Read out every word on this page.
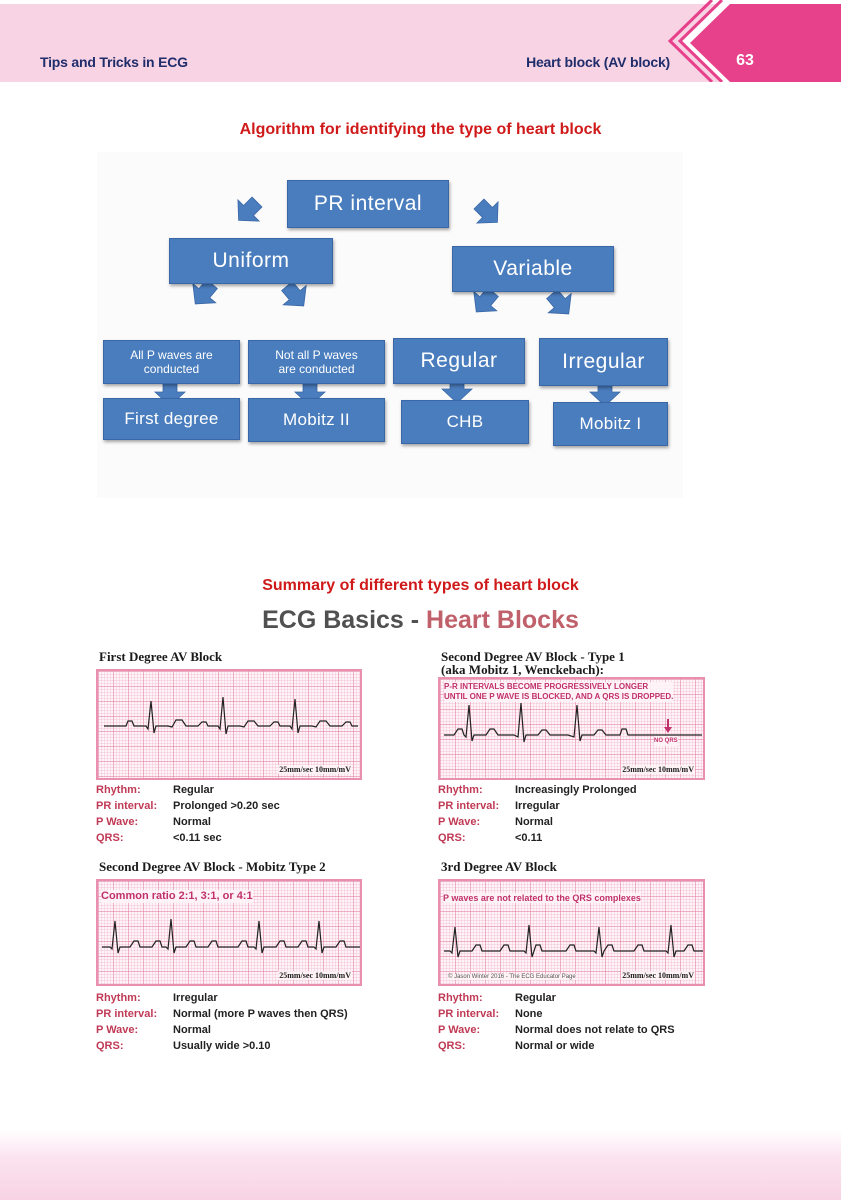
Tips and Tricks in ECG	Heart block (AV block)	63
Algorithm for identifying the type of heart block
PR interval
Uniform	Variable
All P waves are
conducted
Not all P waves
are conducted	Regular	Irregular
First degree	Mobitz II	CHB	Mobitz I
Summary of different types of heart block
ECG Basics - Heart Blocks
First Degree AV Block
25mm/sec 10mm/mV
Rhythm:	Regular
PR interval:	Prolonged >0.20 sec
P Wave:	Normal
QRS:	<0.11 sec
Second Degree AV Block - Type 1
(aka Mobitz 1, Wenckebach):
P-R INTERVALS BECOME PROGRESSIVELY LONGER
UNTIL ONE P WAVE IS BLOCKED, AND A QRS IS DROPPED.
NO QRS
25mm/sec 10mm/mV
Rhythm:	Increasingly Prolonged
PR interval:	Irregular
P Wave:	Normal
QRS:	<0.11
Second Degree AV Block - Mobitz Type 2
Common ratio 2:1, 3:1, or 4:1
25mm/sec 10mm/mV
Rhythm:	Irregular
PR interval:	Normal (more P waves then QRS)
P Wave:	Normal
QRS:	Usually wide >0.10
3rd Degree AV Block
P waves are not related to the QRS complexes
© Jason Winter 2016 - The ECG Educator Page	25mm/sec 10mm/mV
Rhythm:	Regular
PR interval:	None
P Wave:	Normal does not relate to QRS
QRS:	Normal or wide
